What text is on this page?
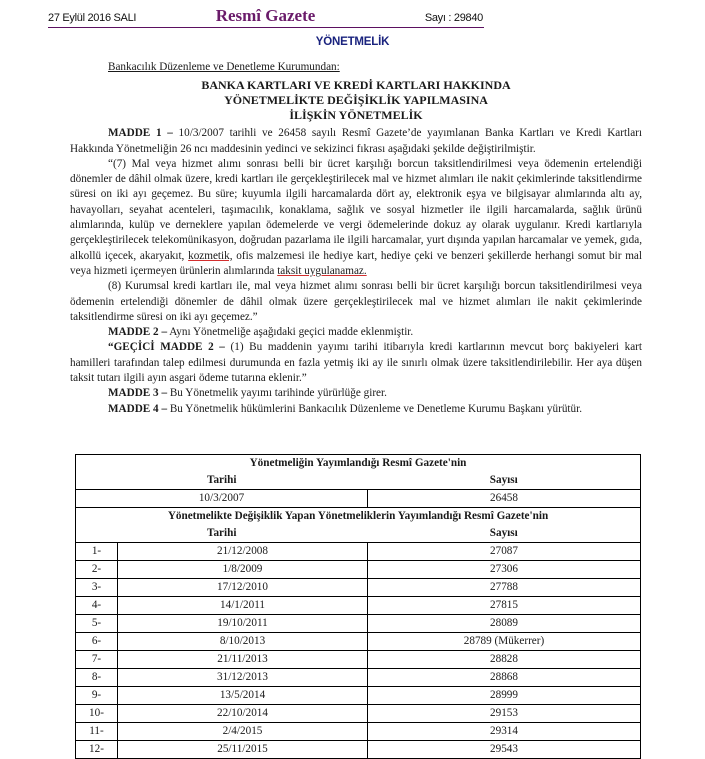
27 Eylül 2016 SALI	Resmî Gazete	Sayı : 29840
YÖNETMELİK
Bankacılık Düzenleme ve Denetleme Kurumundan:
BANKA KARTLARI VE KREDİ KARTLARI HAKKINDA
YÖNETMELİKTE DEĞİŞİKLİK YAPILMASINA
İLİŞKİN YÖNETMELİK

MADDE 1 – 10/3/2007 tarihli ve 26458 sayılı Resmî Gazete’de yayımlanan Banka Kartları ve Kredi Kartları Hakkında Yönetmeliğin 26 ncı maddesinin yedinci ve sekizinci fıkrası aşağıdaki şekilde değiştirilmiştir.

“(7) Mal veya hizmet alımı sonrası belli bir ücret karşılığı borcun taksitlendirilmesi veya ödemenin ertelendiği dönemler de dâhil olmak üzere, kredi kartları ile gerçekleştirilecek mal ve hizmet alımları ile nakit çekimlerinde taksitlendirme süresi on iki ayı geçemez. Bu süre; kuyumla ilgili harcamalarda dört ay, elektronik eşya ve bilgisayar alımlarında altı ay, havayolları, seyahat acenteleri, taşımacılık, konaklama, sağlık ve sosyal hizmetler ile ilgili harcamalarda, sağlık ürünü alımlarında, kulüp ve derneklere yapılan ödemelerde ve vergi ödemelerinde dokuz ay olarak uygulanır. Kredi kartlarıyla gerçekleştirilecek telekomünikasyon, doğrudan pazarlama ile ilgili harcamalar, yurt dışında yapılan harcamalar ve yemek, gıda, alkollü içecek, akaryakıt, kozmetik, ofis malzemesi ile hediye kart, hediye çeki ve benzeri şekillerde herhangi somut bir mal veya hizmeti içermeyen ürünlerin alımlarında taksit uygulanamaz.

(8) Kurumsal kredi kartları ile, mal veya hizmet alımı sonrası belli bir ücret karşılığı borcun taksitlendirilmesi veya ödemenin ertelendiği dönemler de dâhil olmak üzere gerçekleştirilecek mal ve hizmet alımları ile nakit çekimlerinde taksitlendirme süresi on iki ayı geçemez.”

MADDE 2 – Aynı Yönetmeliğe aşağıdaki geçici madde eklenmiştir.

“GEÇİCİ MADDE 2 – (1) Bu maddenin yayımı tarihi itibarıyla kredi kartlarının mevcut borç bakiyeleri kart hamilleri tarafından talep edilmesi durumunda en fazla yetmiş iki ay ile sınırlı olmak üzere taksitlendirilebilir. Her aya düşen taksit tutarı ilgili ayın asgari ödeme tutarına eklenir.”

MADDE 3 – Bu Yönetmelik yayımı tarihinde yürürlüğe girer.

MADDE 4 – Bu Yönetmelik hükümlerini Bankacılık Düzenleme ve Denetleme Kurumu Başkanı yürütür.

Yönetmeliğin Yayımlandığı Resmî Gazete'nin		
Tarihi		Sayısı
10/3/2007		26458
Yönetmelikte Değişiklik Yapan Yönetmeliklerin Yayımlandığı Resmî Gazete'nin		
Tarihi		Sayısı
1-	21/12/2008	27087
2-	1/8/2009	27306
3-	17/12/2010	27788
4-	14/1/2011	27815
5-	19/10/2011	28089
6-	8/10/2013	28789 (Mükerrer)
7-	21/11/2013	28828
8-	31/12/2013	28868
9-	13/5/2014	28999
10-	22/10/2014	29153
11-	2/4/2015	29314
12-	25/11/2015	29543
